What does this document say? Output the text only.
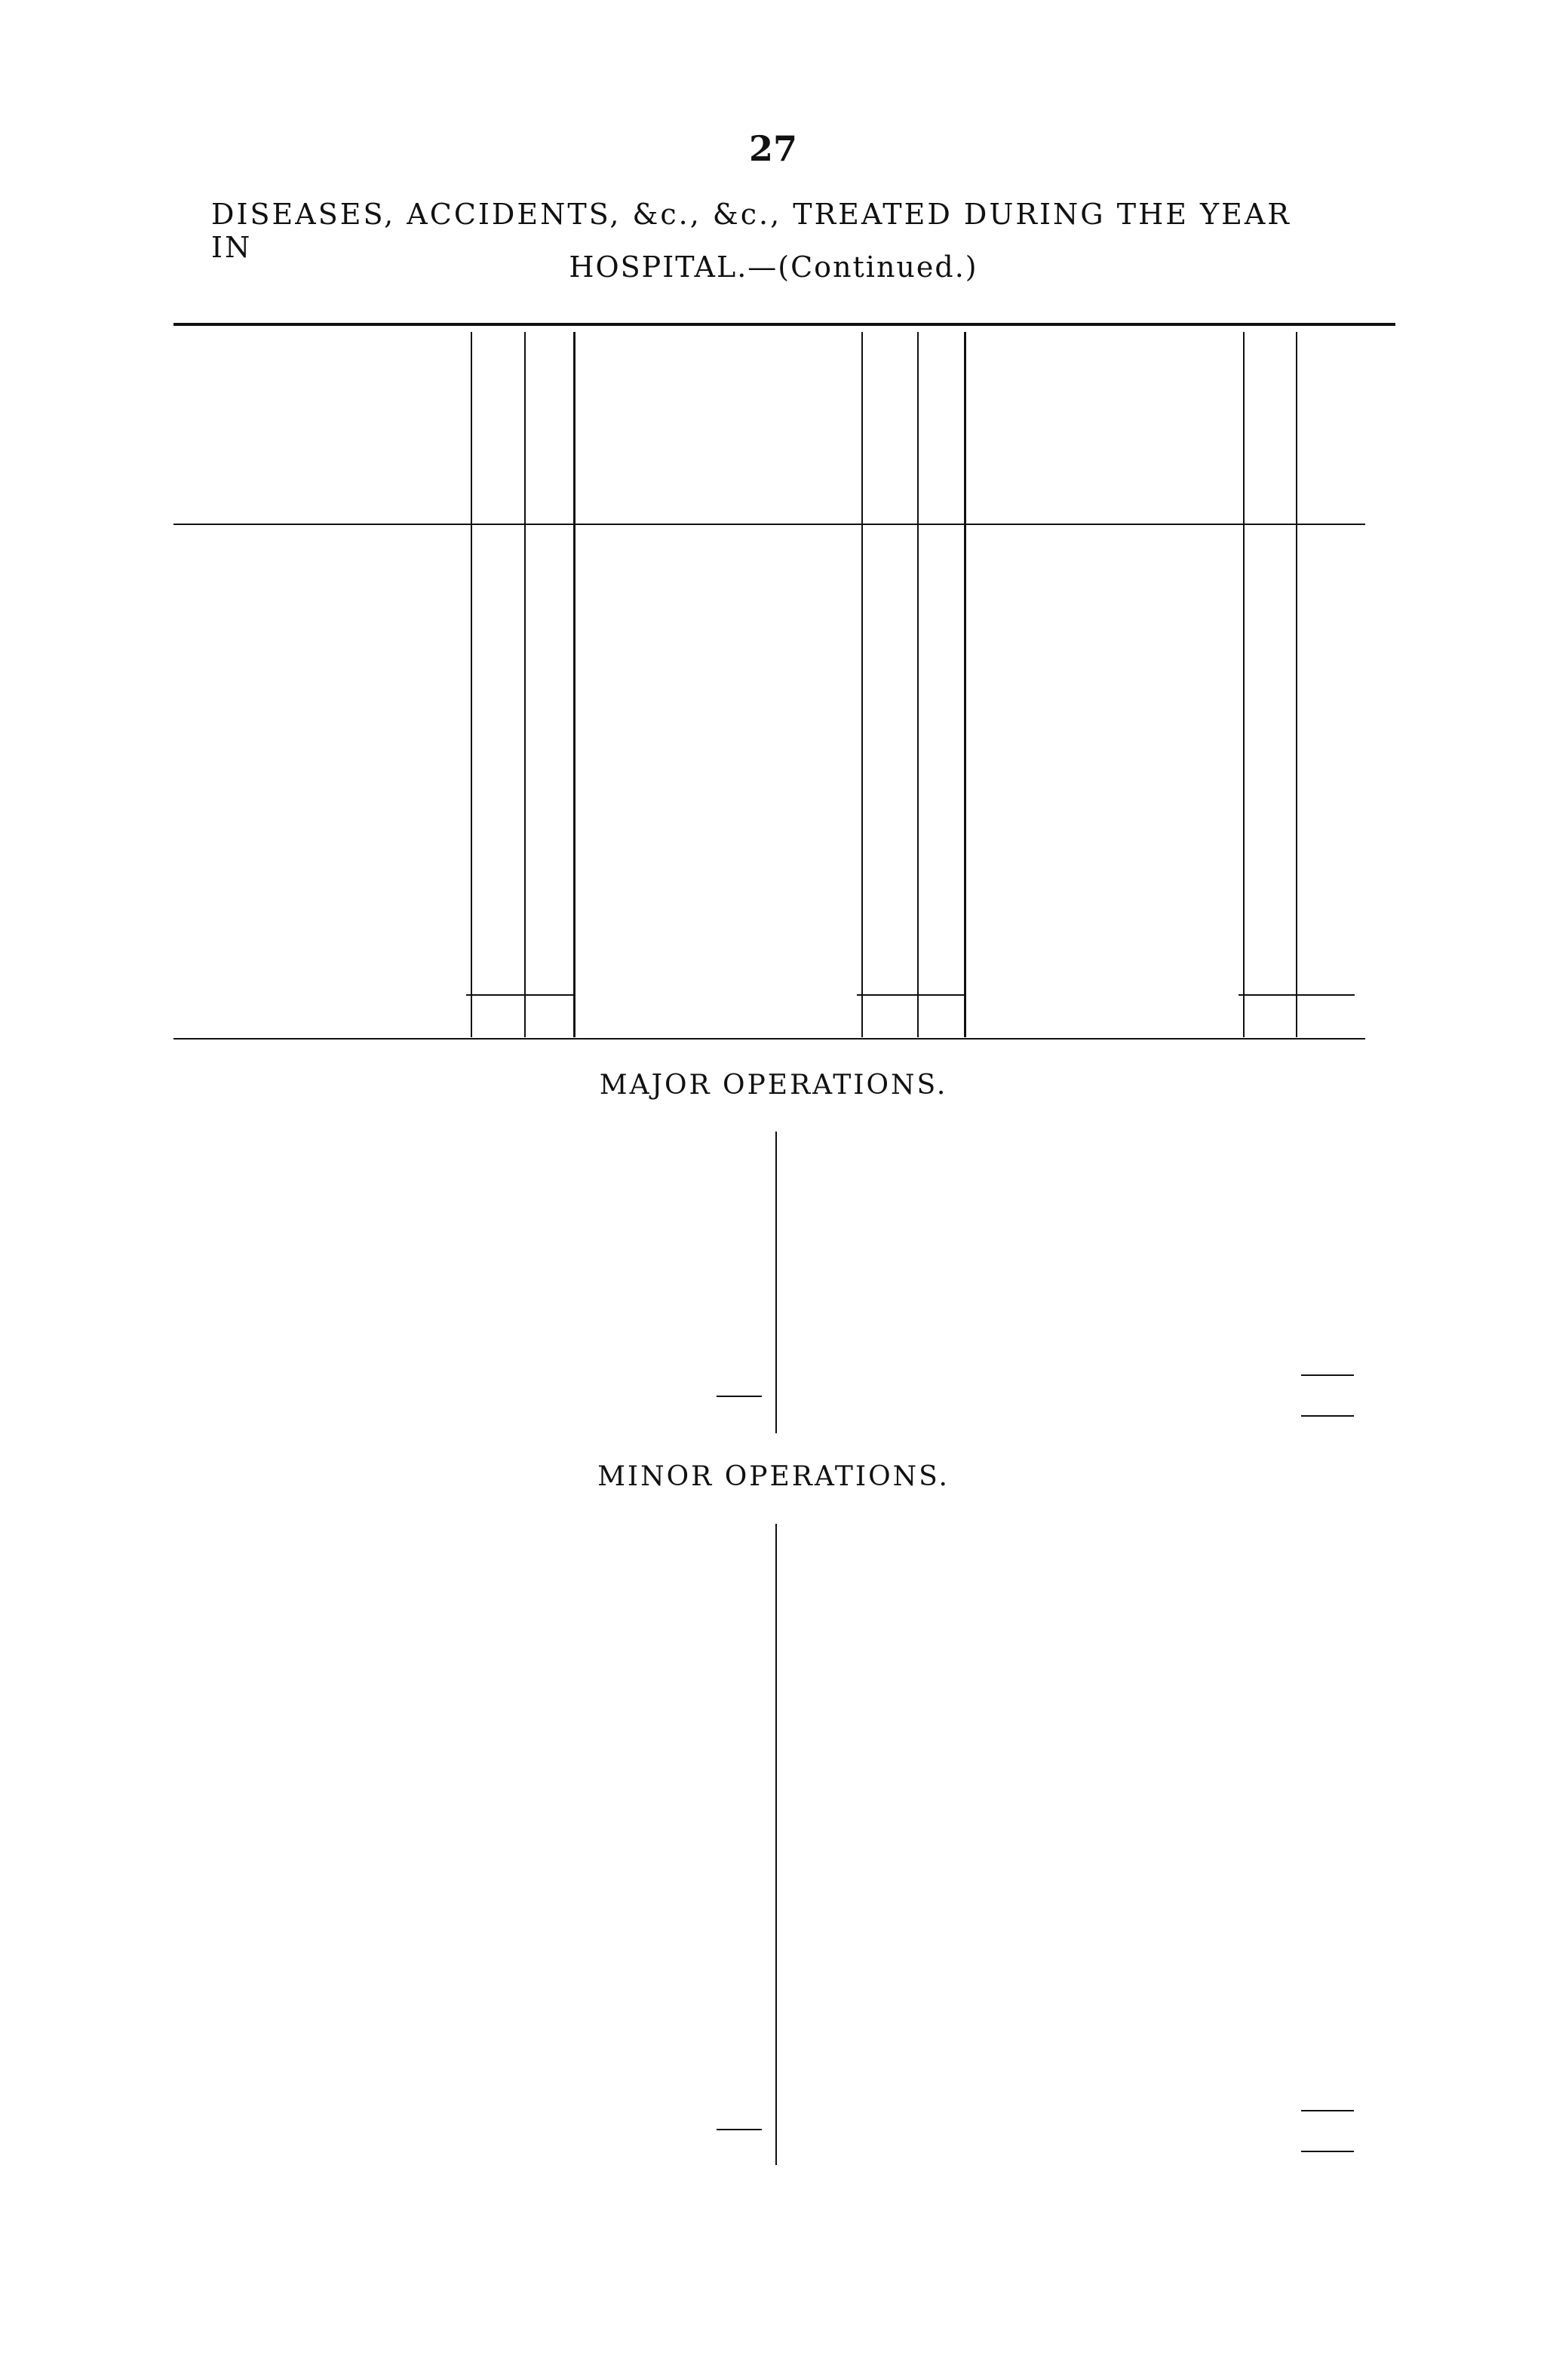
27
DISEASES, ACCIDENTS, &c., &c., TREATED DURING THE YEARIN
HOSPITAL.—(Continued.)
MAJOR OPERATIONS.
MINOR OPERATIONS.
